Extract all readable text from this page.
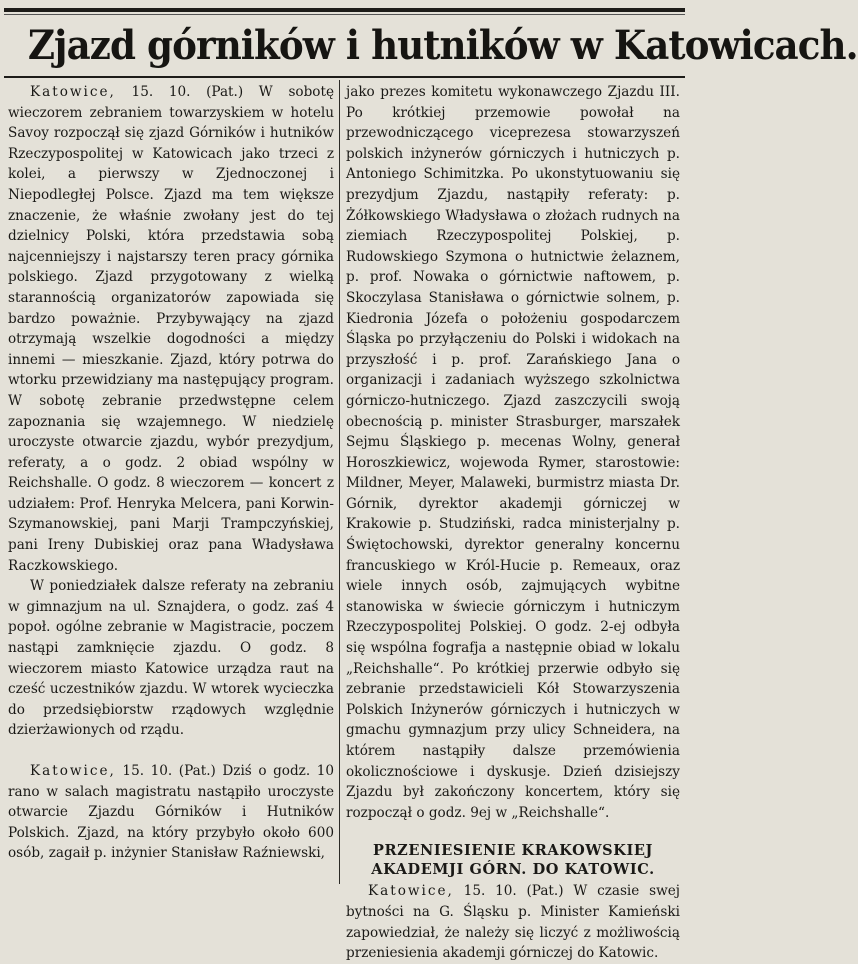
Zjazd górników i hutników w Katowicach.

Katowice, 15. 10. (Pat.) W sobotę wieczorem zebraniem towarzyskiem w hotelu Savoy rozpoczął się zjazd Górników i hutników Rzeczypospolitej w Katowicach jako trzeci z kolei, a pierwszy w Zjednoczonej i Niepodległej Polsce. Zjazd ma tem większe znaczenie, że właśnie zwołany jest do tej dzielnicy Polski, która przedstawia sobą najcenniejszy i najstarszy teren pracy górnika polskiego. Zjazd przygotowany z wielką starannością organizatorów zapowiada się bardzo poważnie. Przybywający na zjazd otrzymają wszelkie dogodności a między innemi — mieszkanie. Zjazd, który potrwa do wtorku przewidziany ma następujący program. W sobotę zebranie przedwstępne celem zapoznania się wzajemnego. W niedzielę uroczyste otwarcie zjazdu, wybór prezydjum, referaty, a o godz. 2 obiad wspólny w Reichshalle. O godz. 8 wieczorem — koncert z udziałem: Prof. Henryka Melcera, pani Korwin-Szymanowskiej, pani Marji Trampczyńskiej, pani Ireny Dubiskiej oraz pana Władysława Raczkowskiego.

W poniedziałek dalsze referaty na zebraniu w gimnazjum na ul. Sznajdera, o godz. zaś 4 popoł. ogólne zebranie w Magistracie, poczem nastąpi zamknięcie zjazdu. O godz. 8 wieczorem miasto Katowice urządza raut na cześć uczestników zjazdu. W wtorek wycieczka do przedsiębiorstw rządowych względnie dzierżawionych od rządu.

Katowice, 15. 10. (Pat.) Dziś o godz. 10 rano w salach magistratu nastąpiło uroczyste otwarcie Zjazdu Górników i Hutników Polskich. Zjazd, na który przybyło około 600 osób, zagaił p. inżynier Stanisław Raźniewski,

jako prezes komitetu wykonawczego Zjazdu III. Po krótkiej przemowie powołał na przewodniczącego viceprezesa stowarzyszeń polskich inżynerów górniczych i hutniczych p. Antoniego Schimitzka. Po ukonstytuowaniu się prezydjum Zjazdu, nastąpiły referaty: p. Żółkowskiego Władysława o złożach rudnych na ziemiach Rzeczypospolitej Polskiej, p. Rudowskiego Szymona o hutnictwie żelaznem, p. prof. Nowaka o górnictwie naftowem, p. Skoczylasa Stanisława o górnictwie solnem, p. Kiedronia Józefa o położeniu gospodarczem Śląska po przyłączeniu do Polski i widokach na przyszłość i p. prof. Zarańskiego Jana o organizacji i zadaniach wyższego szkolnictwa górniczo-hutniczego. Zjazd zaszczycili swoją obecnością p. minister Strasburger, marszałek Sejmu Śląskiego p. mecenas Wolny, generał Horoszkiewicz, wojewoda Rymer, starostowie: Mildner, Meyer, Malaweki, burmistrz miasta Dr. Górnik, dyrektor akademji górniczej w Krakowie p. Studziński, radca ministerjalny p. Świętochowski, dyrektor generalny koncernu francuskiego w Król-Hucie p. Remeaux, oraz wiele innych osób, zajmujących wybitne stanowiska w świecie górniczym i hutniczym Rzeczypospolitej Polskiej. O godz. 2-ej odbyła się wspólna fografja a następnie obiad w lokalu „Reichshalle“. Po krótkiej przerwie odbyło się zebranie przedstawicieli Kół Stowarzyszenia Polskich Inżynerów górniczych i hutniczych w gmachu gymnazjum przy ulicy Schneidera, na którem nastąpiły dalsze przemówienia okolicznościowe i dyskusje. Dzień dzisiejszy Zjazdu był zakończony koncertem, który się rozpoczął o godz. 9ej w „Reichshalle“.

PRZENIESIENIE KRAKOWSKIEJ
AKADEMJI GÓRN. DO KATOWIC.

Katowice, 15. 10. (Pat.) W czasie swej bytności na G. Śląsku p. Minister Kamieński zapowiedział, że należy się liczyć z możliwością przeniesienia akademji górniczej do Katowic.
